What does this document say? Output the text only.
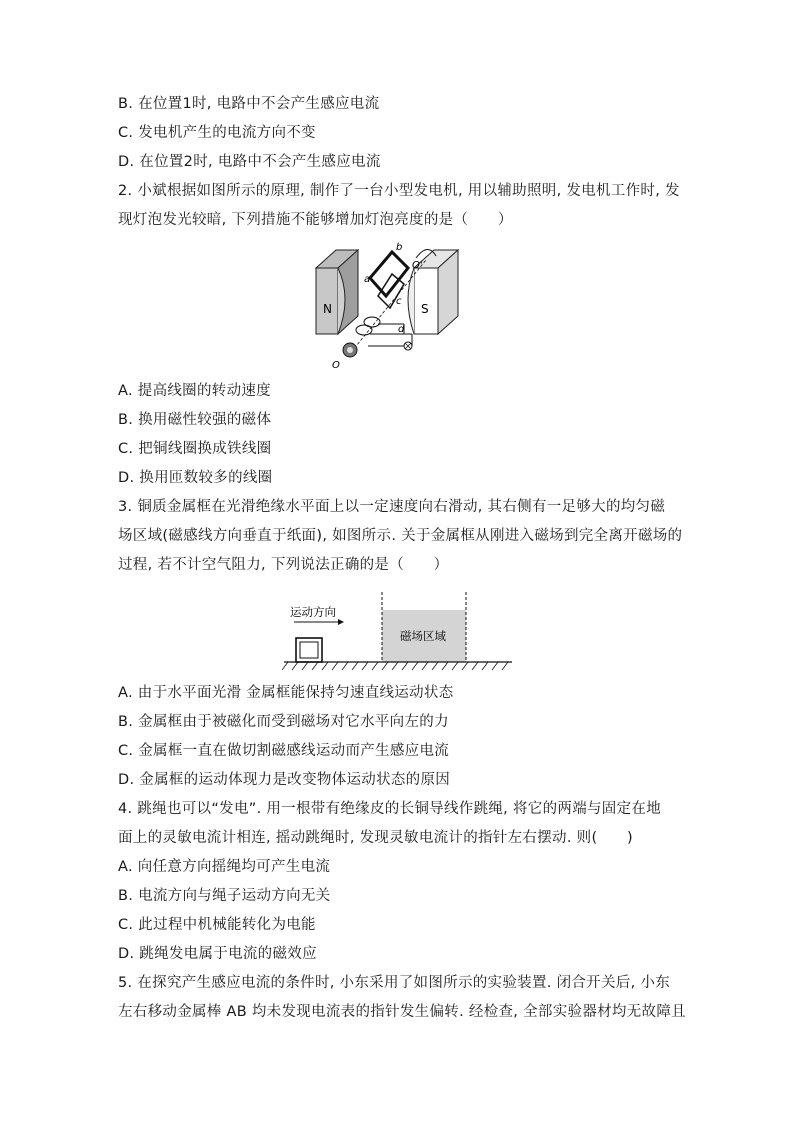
B. 在位置1时, 电路中不会产生感应电流
C. 发电机产生的电流方向不变
D. 在位置2时, 电路中不会产生感应电流
2. 小斌根据如图所示的原理, 制作了一台小型发电机, 用以辅助照明, 发电机工作时, 发
现灯泡发光较暗, 下列措施不能够增加灯泡亮度的是（　　）
N	S
a
b
c
d
O'
O
A. 提高线圈的转动速度
B. 换用磁性较强的磁体
C. 把铜线圈换成铁线圈
D. 换用匝数较多的线圈
3. 铜质金属框在光滑绝缘水平面上以一定速度向右滑动, 其右侧有一足够大的均匀磁
场区域(磁感线方向垂直于纸面), 如图所示. 关于金属框从刚进入磁场到完全离开磁场的
过程, 若不计空气阻力, 下列说法正确的是（　　）
运动方向
磁场区域
A. 由于水平面光滑 金属框能保持匀速直线运动状态
B. 金属框由于被磁化而受到磁场对它水平向左的力
C. 金属框一直在做切割磁感线运动而产生感应电流
D. 金属框的运动体现力是改变物体运动状态的原因
4. 跳绳也可以“发电”. 用一根带有绝缘皮的长铜导线作跳绳, 将它的两端与固定在地
面上的灵敏电流计相连, 摇动跳绳时, 发现灵敏电流计的指针左右摆动. 则(　　)
A. 向任意方向摇绳均可产生电流
B. 电流方向与绳子运动方向无关
C. 此过程中机械能转化为电能
D. 跳绳发电属于电流的磁效应
5. 在探究产生感应电流的条件时, 小东采用了如图所示的实验装置. 闭合开关后, 小东
左右移动金属棒 AB 均未发现电流表的指针发生偏转. 经检查, 全部实验器材均无故障且
